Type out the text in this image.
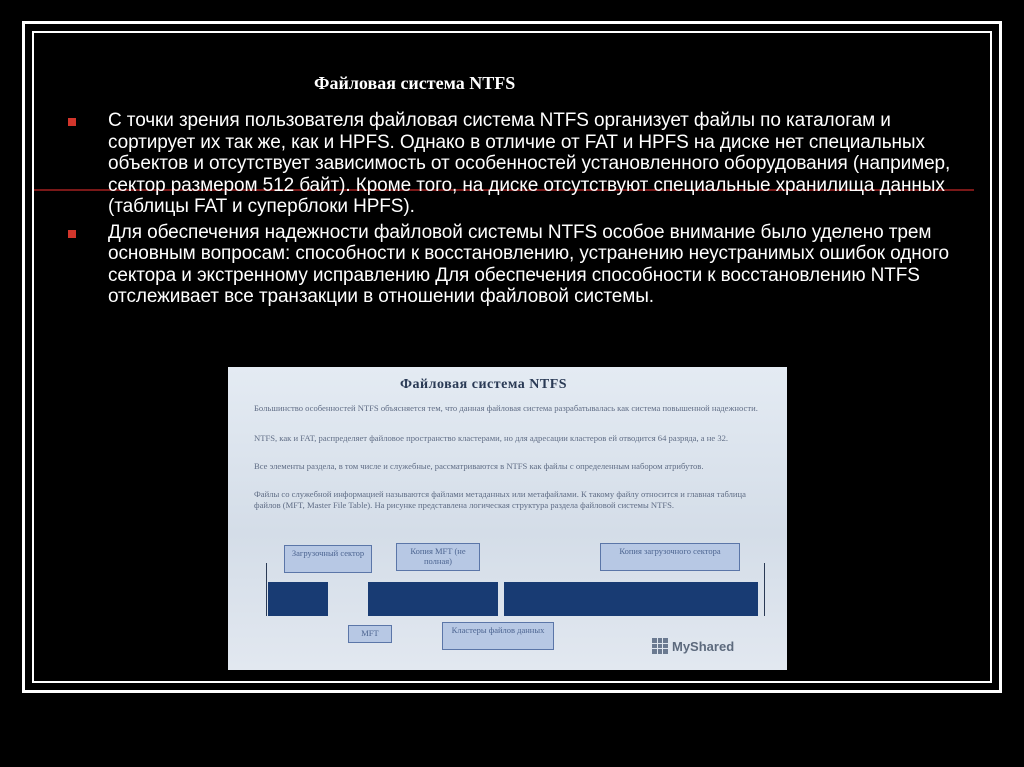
Файловая система NTFS
С точки зрения пользователя файловая система NTFS организует файлы по каталогам и сортирует их так же, как и HPFS. Однако в отличие от FAT и HPFS на диске нет специальных объектов и отсутствует зависимость от особенностей установленного оборудования (например, сектор размером 512 байт). Кроме того, на диске отсутствуют специальные хранилища данных (таблицы FAT и суперблоки HPFS).
Для обеспечения надежности файловой системы NTFS особое внимание было уделено трем основным вопросам: способности к восстановлению, устранению неустранимых ошибок одного сектора и экстренному исправлению Для обеспечения способности к восстановлению NTFS отслеживает все транзакции в отношении файловой системы.
Файловая система NTFS

Большинство особенностей NTFS объясняется тем, что данная файловая система разрабатывалась как система повышенной надежности.

NTFS, как и FAT, распределяет файловое пространство кластерами, но для адресации кластеров ей отводится 64 разряда, а не 32.

Все элементы раздела, в том числе и служебные, рассматриваются в NTFS как файлы с определенным набором атрибутов.

Файлы со служебной информацией называются файлами метаданных или метафайлами. К такому файлу относится и главная таблица файлов (MFT, Master File Table). На рисунке представлена логическая структура раздела файловой системы NTFS.

Загрузочный сектор	Копия MFT (не полная)
Копия загрузочного сектора
MFT	Кластеры файлов данных
MyShared
